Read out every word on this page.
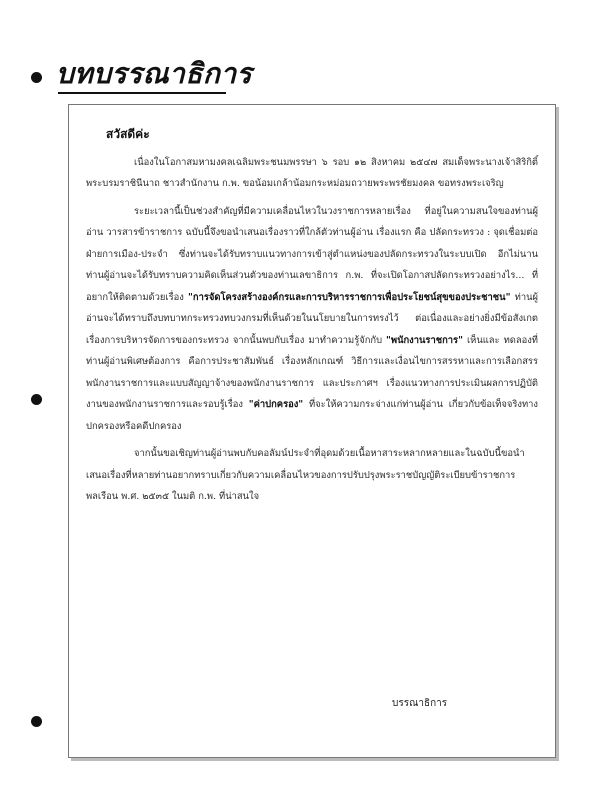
บทบรรณาธิการ
สวัสดีค่ะ

เนื่องในโอกาสมหามงคลเฉลิมพระชนมพรรษา ๖ รอบ ๑๒ สิงหาคม ๒๕๔๗ สมเด็จพระนางเจ้าสิริกิติ์ พระบรมราชินีนาถ ชาวสำนักงาน ก.พ. ขอน้อมเกล้าน้อมกระหม่อมถวายพระพรชัยมงคล ขอทรงพระเจริญ

ระยะเวลานี้เป็นช่วงสำคัญที่มีความเคลื่อนไหวในวงราชการหลายเรื่อง ที่อยู่ในความสนใจของท่านผู้อ่าน วารสารข้าราชการ ฉบับนี้จึงขอนำเสนอเรื่องราวที่ใกล้ตัวท่านผู้อ่าน เรื่องแรก คือ ปลัดกระทรวง : จุดเชื่อมต่อฝ่ายการเมือง-ประจำ ซึ่งท่านจะได้รับทราบแนวทางการเข้าสู่ตำแหน่งของปลัดกระทรวงในระบบเปิด อีกไม่นานท่านผู้อ่านจะได้รับทราบความคิดเห็นส่วนตัวของท่านเลขาธิการ ก.พ. ที่จะเปิดโอกาสปลัดกระทรวงอย่างไร... ที่อยากให้ติดตามด้วยเรื่อง "การจัดโครงสร้างองค์กรและการบริหารราชการเพื่อประโยชน์สุขของประชาชน" ท่านผู้อ่านจะได้ทราบถึงบทบาทกระทรวงทบวงกรมที่เห็นด้วยในนโยบายในการทรงไว้ ต่อเนื่องและอย่างยิ่งมีข้อสังเกตเรื่องการบริหารจัดการของกระทรวง จากนั้นพบกับเรื่อง มาทำความรู้จักกับ "พนักงานราชการ" เห็นและ ทดลองที่ท่านผู้อ่านพิเศษต้องการ คือการประชาสัมพันธ์ เรื่องหลักเกณฑ์ วิธีการและเงื่อนไขการสรรหาและการเลือกสรรพนักงานราชการและแบบสัญญาจ้างของพนักงานราชการ และประกาศฯ เรื่องแนวทางการประเมินผลการปฏิบัติงานของพนักงานราชการและรอบรู้เรื่อง "ค่าปกครอง" ที่จะให้ความกระจ่างแก่ท่านผู้อ่าน เกี่ยวกับข้อเท็จจริงทางปกครองหรือคดีปกครอง

จากนั้นขอเชิญท่านผู้อ่านพบกับคอลัมน์ประจำที่อุดมด้วยเนื้อหาสาระหลากหลายและในฉบับนี้ขอนำเสนอเรื่องที่หลายท่านอยากทราบเกี่ยวกับความเคลื่อนไหวของการปรับปรุงพระราชบัญญัติระเบียบข้าราชการพลเรือน พ.ศ. ๒๕๓๕ ในมติ ก.พ. ที่น่าสนใจ

บรรณาธิการ
